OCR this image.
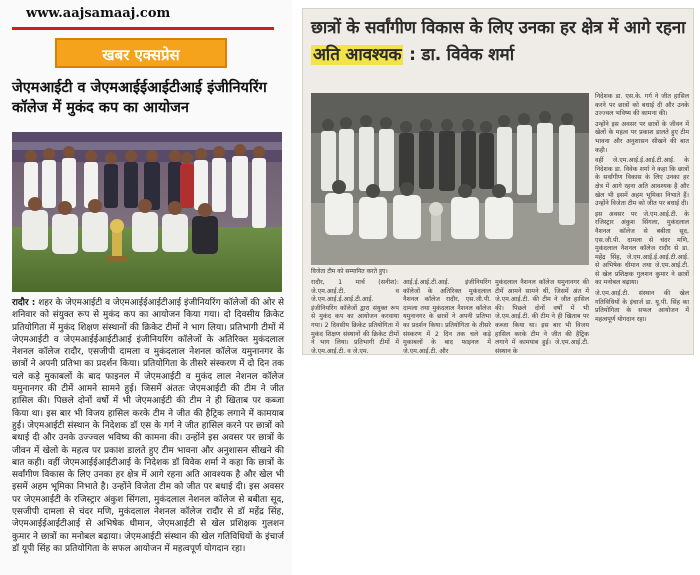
www.aajsamaaj.com
खबर एक्सप्रेस
जेएमआईटी व जेएमआईईआईटीआई इंजीनियरिंग कॉलेज में मुकंद कप का आयोजन
रादौर : शहर के जेएमआईटी व जेएमआईईआईटीआई इंजीनियरिंग कॉलेजों की ओर से शनिवार को संयुक्त रूप से मुकंद कप का आयोजन किया गया। दो दिवसीय क्रिकेट प्रतियोगिता में मुकंद शिक्षण संस्थानों की क्रिकेट टीमों ने भाग लिया। प्रतिभागी टीमों में जेएमआईटी व जेएमआईईआईटीआई इंजीनियरिंग कॉलेजों के अतिरिक्त मुकंदलाल नेशनल कॉलेज रादौर, एसजीपी दामला व मुकंदलाल नेशनल कॉलेज यमुनानगर के छात्रों ने अपनी प्रतिभा का प्रदर्शन किया। प्रतियोगिता के तीसरे संस्करण में दो दिन तक चले कड़े मुकाबलों के बाद फाइनल में जेएमआईटी व मुकंद लाल नेशनल कॉलेज यमुनानगर की टीमें आमने सामने हुई। जिसमें अंततः जेएमआईटी की टीम ने जीत हासिल की। पिछले दोनों वर्षो में भी जेएमआईटी की टीम ने ही खिताब पर कब्जा किया था। इस बार भी विजय हासिल करके टीम ने जीत की हैट्रिक लगाने में कामयाब हुई। जेएमआईटी संस्थान के निदेशक डॉ एस के गर्ग ने जीत हासिल करने पर छात्रों को बधाई दी और उनके उज्ज्वल भविष्य की कामना की। उन्होंने इस अवसर पर छात्रों के जीवन में खेलो के महत्व पर प्रकाश डालते हुए टीम भावना और अनुशासन सीखने की बात कही। वहीं जेएमआईईआईटीआई के निदेशक डॉ विवेक शर्मा ने कहा कि छात्रों के सर्वांगीण विकास के लिए उनका हर क्षेत्र में आगे रहना अति आवश्यक है और खेल भी इसमें अहम भूमिका निभाते है। उन्होंने विजेता टीम को जीत पर बधाई दी। इस अवसर पर जेएमआईटी के रजिस्ट्रार अंकुश सिंगला, मुकंदलाल नेशनल कॉलेज से बबीता सूद, एसजीपी दामला से चंदर मणि, मुकंदलाल नेशनल कॉलेज रादौर से डॉ महेंद्र सिंह, जेएमआईईआईटीआई से अभिषेक धीमान, जेएमआईटी से खेल प्रशिक्षक गुलशन कुमार ने छात्रों का मनोबल बढ़ाया। जेएमआईटी संस्थान की खेल गतिविधियों के इंचार्ज डॉ यूपी सिंह का प्रतियोगिता के सफल आयोजन में महत्वपूर्ण योगदान रहा।
छात्रों के सर्वांगीण विकास के लिए उनका हर क्षेत्र में आगे रहना अति आवश्यक : डा. विवेक शर्मा
विजेता टीम को सम्मानित करते हुए।
रादौर, 1 मार्च (सनीश): जे.एम.आई.टी. व जे.एम.आई.ई.आई.टी.आई. इंजीनियरिंग कॉलेजों द्वारा संयुक्त रूप से मुकंद कप का आयोजन करवाया गया। 2 दिवसीय क्रिकेट प्रतियोगिता में मुकंद शिक्षण संस्थानों की क्रिकेट टीमों ने भाग लिया। प्रतिभागी टीमों में जे.एम.आई.टी. व जे.एम.
आई.ई.आई.टी.आई. इंजीनियरिंग कॉलेजों के अतिरिक्त मुकंदलाल नैशनल कॉलेज रादौर, एस.जी.पी. दामला तथा मुकंदलाल नैशनल कॉलेज यमुनानगर के छात्रों ने अपनी प्रतिभा का प्रदर्शन किया। प्रतियोगिता के तीसरे संस्करण में 2 दिन तक चले कड़े मुकाबलों के बाद फाइनल में जे.एम.आई.टी. और
मुकंदलाल नैशनल कॉलेज यमुनानगर की टीमें आमने सामने थीं, जिसमें अंत में जे.एम.आई.टी. की टीम ने जीत हासिल की। पिछले दोनों वर्षों में भी जे.एम.आई.टी. की टीम ने ही खिताब पर कब्जा किया था। इस बार भी विजय हासिल करके टीम ने जीत की हैट्रिक लगाने में कामयाब हुई। जे.एम.आई.टी. संस्थान के

निदेशक डा. एस.के. गर्ग ने जीत हासिल करने पर छात्रों को बधाई दी और उनके उज्ज्वल भविष्य की कामना की।

उन्होंने इस अवसर पर छात्रों के जीवन में खेलों के महत्व पर प्रकाश डालते हुए टीम भावना और अनुशासन सीखने की बात कही।

वहीं जे.एम.आई.ई.आई.टी.आई. के निदेशक डा. विवेक शर्मा ने कहा कि छात्रों के सर्वांगीण विकास के लिए उनका हर क्षेत्र में आगे रहना अति आवश्यक है और खेल भी इसमें अहम भूमिका निभाते हैं। उन्होंने विजेता टीम को जीत पर बधाई दी।

इस अवसर पर जे.एम.आई.टी. के रजिस्ट्रार अंकुश सिंगला, मुकंदलाल नैशनल कॉलेज से बबीता सूद, एस.जी.पी. दामला से चंदर मणि, मुकंदलाल नैशनल कॉलेज रादौर से डा. महेंद्र सिंह, जे.एम.आई.ई.आई.टी.आई. से अभिषेक धीमान तथा जे.एम.आई.टी. से खेल प्रशिक्षक गुलशन कुमार ने छात्रों का मनोबल बढ़ाया।

जे.एम.आई.टी. संस्थान की खेल गतिविधियों के इंचार्ज डा. यू.पी. सिंह का प्रतियोगिता के सफल आयोजन में महत्वपूर्ण योगदान रहा।
